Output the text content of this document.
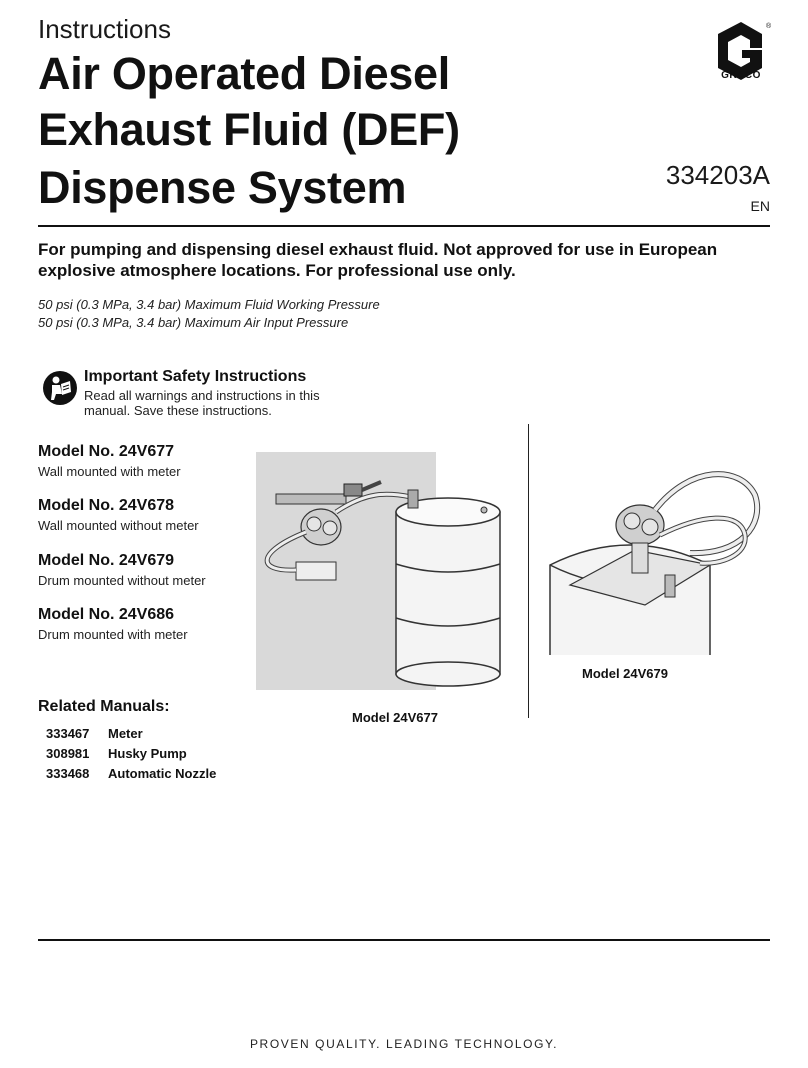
Instructions
Air Operated Diesel
Exhaust Fluid (DEF)
Dispense System
®
GRACO
334203A
EN
For pumping and dispensing diesel exhaust fluid. Not approved for use in European
explosive atmosphere locations. For professional use only.
50 psi (0.3 MPa, 3.4 bar) Maximum Fluid Working Pressure
50 psi (0.3 MPa, 3.4 bar) Maximum Air Input Pressure
Important Safety Instructions
Read all warnings and instructions in this
manual. Save these instructions.
Model No. 24V677
Wall mounted with meter
Model No. 24V678
Wall mounted without meter
Model No. 24V679
Drum mounted without meter
Model No. 24V686
Drum mounted with meter
Related Manuals:
333467 Meter
308981 Husky Pump
333468 Automatic Nozzle
Model 24V677
Model 24V679
PROVEN QUALITY. LEADING TECHNOLOGY.
